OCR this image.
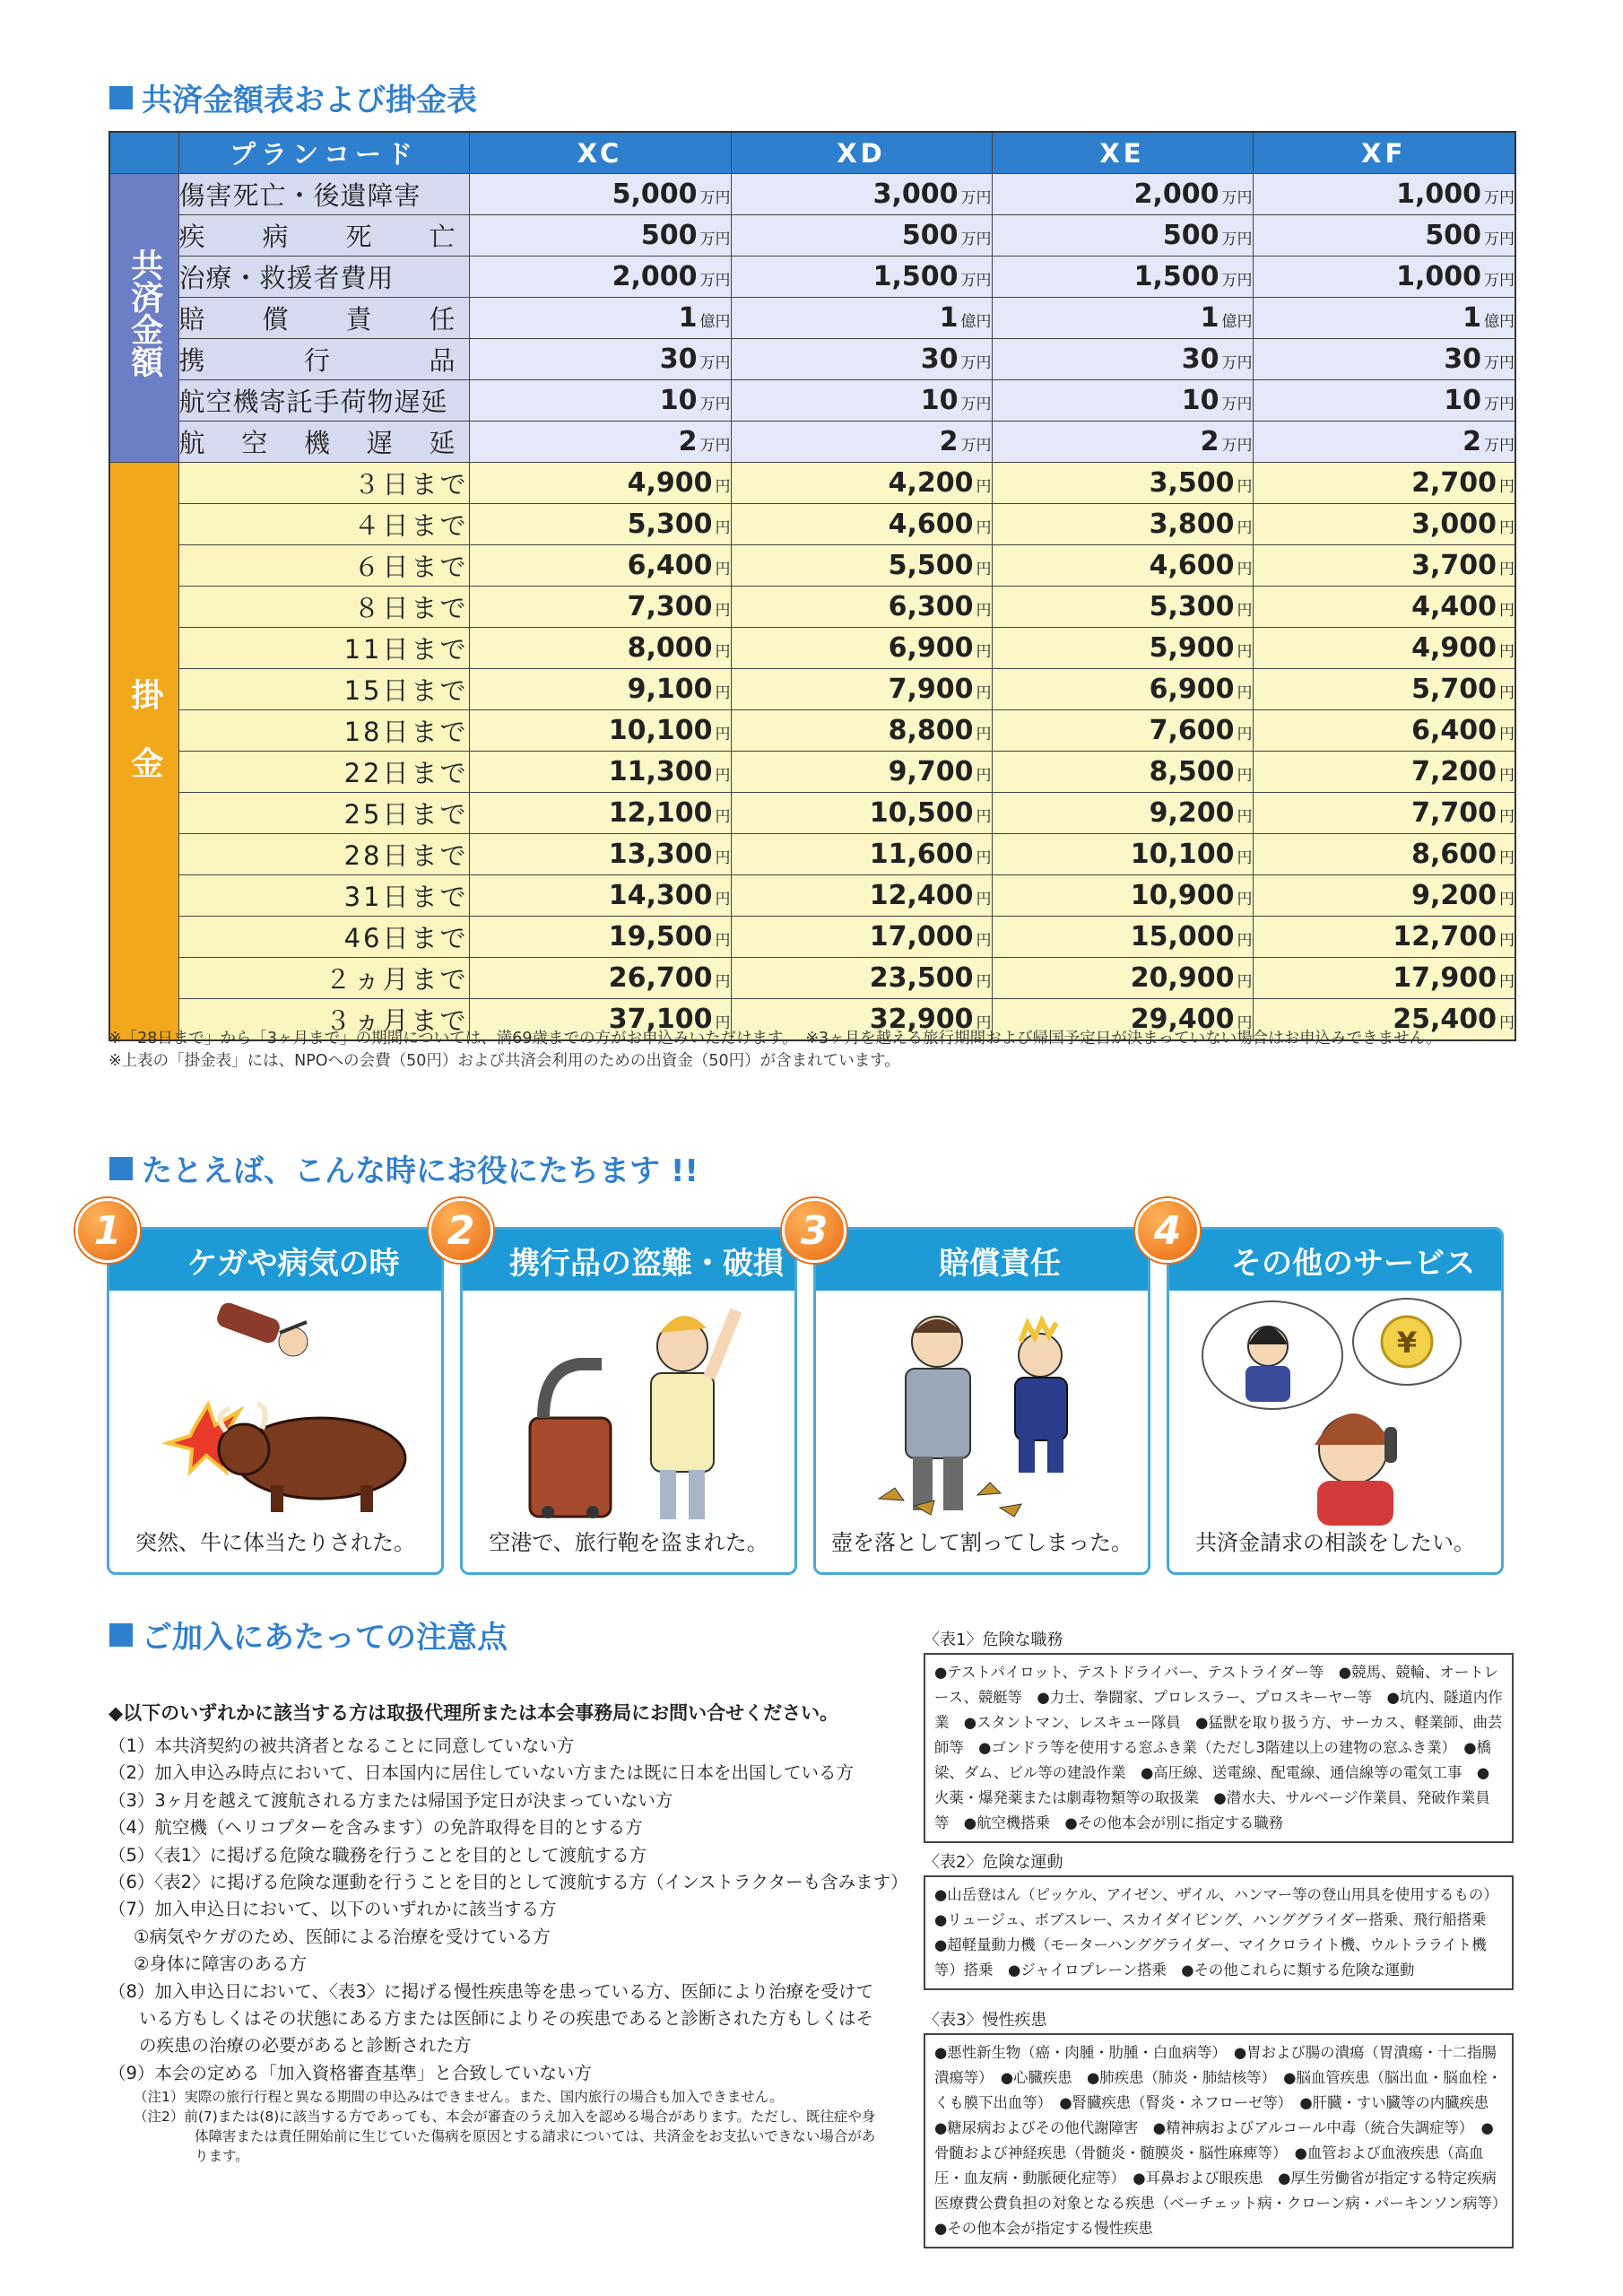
共済金額表および掛金表
	プランコード	XC	XD	XE	XF
共済金額	傷害死亡・後遺障害	5,000 万円	3,000 万円	2,000 万円	1,000 万円

	疾 病 死 亡	500 万円	500 万円	500 万円	500 万円
	治療・救援者費用	2,000 万円	1,500 万円	1,500 万円	1,000 万円

	賠 償 責 任	1 億円	1 億円	1 億円	1 億円

	携 行 品	30 万円	30 万円	30 万円	30 万円
	航空機寄託手荷物遅延	10 万円	10 万円	10 万円	10 万円

	航 空 機 遅 延	2 万円	2 万円	2 万円	2 万円
掛金	３日まで	4,900 円	4,200 円	3,500 円	2,700 円
	４日まで	5,300 円	4,600 円	3,800 円	3,000 円
	６日まで	6,400 円	5,500 円	4,600 円	3,700 円
	８日まで	7,300 円	6,300 円	5,300 円	4,400 円
	11日まで	8,000 円	6,900 円	5,900 円	4,900 円
	15日まで	9,100 円	7,900 円	6,900 円	5,700 円
	18日まで	10,100 円	8,800 円	7,600 円	6,400 円
	22日まで	11,300 円	9,700 円	8,500 円	7,200 円
	25日まで	12,100 円	10,500 円	9,200 円	7,700 円
	28日まで	13,300 円	11,600 円	10,100 円	8,600 円
	31日まで	14,300 円	12,400 円	10,900 円	9,200 円
	46日まで	19,500 円	17,000 円	15,000 円	12,700 円
	２ヵ月まで	26,700 円	23,500 円	20,900 円	17,900 円
	３ヵ月まで	37,100 円	32,900 円	29,400 円	25,400 円
※「28日まで」から「3ヶ月まで」の期間については、満69歳までの方がお申込みいただけます。　※3ヶ月を越える旅行期間および帰国予定日が決まっていない場合はお申込みできません。
※上表の「掛金表」には、NPOへの会費（50円）および共済会利用のための出資金（50円）が含まれています。
たとえば、こんな時にお役にたちます !!
1
ケガや病気の時
突然、牛に体当たりされた。
2
携行品の盗難・破損
空港で、旅行鞄を盗まれた。
3
賠償責任
壺を落として割ってしまった。
4
その他のサービス
¥
共済金請求の相談をしたい。
ご加入にあたっての注意点
◆以下のいずれかに該当する方は取扱代理所または本会事務局にお問い合せください。
（1）本共済契約の被共済者となることに同意していない方
（2）加入申込み時点において、日本国内に居住していない方または既に日本を出国している方
（3）3ヶ月を越えて渡航される方または帰国予定日が決まっていない方
（4）航空機（ヘリコプターを含みます）の免許取得を目的とする方
（5）〈表1〉に掲げる危険な職務を行うことを目的として渡航する方
（6）〈表2〉に掲げる危険な運動を行うことを目的として渡航する方（インストラクターも含みます）
（7）加入申込日において、以下のいずれかに該当する方
①病気やケガのため、医師による治療を受けている方
②身体に障害のある方
（8）加入申込日において、〈表3〉に掲げる慢性疾患等を患っている方、医師により治療を受けている方もしくはその状態にある方または医師によりその疾患であると診断された方もしくはその疾患の治療の必要があると診断された方
（9）本会の定める「加入資格審査基準」と合致していない方
（注1）実際の旅行行程と異なる期間の申込みはできません。また、国内旅行の場合も加入できません。
（注2）前(7)または(8)に該当する方であっても、本会が審査のうえ加入を認める場合があります。ただし、既往症や身体障害または責任開始前に生じていた傷病を原因とする請求については、共済金をお支払いできない場合があります。
〈表1〉危険な職務
●テストパイロット、テストドライバー、テストライダー等　●競馬、競輪、オートレース、競艇等　●力士、拳闘家、プロレスラー、プロスキーヤー等　●坑内、隧道内作業　●スタントマン、レスキュー隊員　●猛獣を取り扱う方、サーカス、軽業師、曲芸師等　●ゴンドラ等を使用する窓ふき業（ただし3階建以上の建物の窓ふき業）　●橋梁、ダム、ビル等の建設作業　●高圧線、送電線、配電線、通信線等の電気工事　●火薬・爆発薬または劇毒物類等の取扱業　●潜水夫、サルベージ作業員、発破作業員等　●航空機搭乗　●その他本会が別に指定する職務
〈表2〉危険な運動
●山岳登はん（ピッケル、アイゼン、ザイル、ハンマー等の登山用具を使用するもの）●リュージュ、ボブスレー、スカイダイビング、ハンググライダー搭乗、飛行船搭乗　●超軽量動力機（モーターハンググライダー、マイクロライト機、ウルトラライト機等）搭乗　●ジャイロプレーン搭乗　●その他これらに類する危険な運動
〈表3〉慢性疾患
●悪性新生物（癌・肉腫・肋腫・白血病等）　●胃および腸の潰瘍（胃潰瘍・十二指腸潰瘍等）　●心臓疾患　●肺疾患（肺炎・肺結核等）　●脳血管疾患（脳出血・脳血栓・くも膜下出血等）　●腎臓疾患（腎炎・ネフローゼ等）　●肝臓・すい臓等の内臓疾患　●糖尿病およびその他代謝障害　●精神病およびアルコール中毒（統合失調症等）　●骨髄および神経疾患（骨髄炎・髄膜炎・脳性麻痺等）　●血管および血液疾患（高血圧・血友病・動脈硬化症等）　●耳鼻および眼疾患　●厚生労働省が指定する特定疾病医療費公費負担の対象となる疾患（ベーチェット病・クローン病・パーキンソン病等）　●その他本会が指定する慢性疾患
